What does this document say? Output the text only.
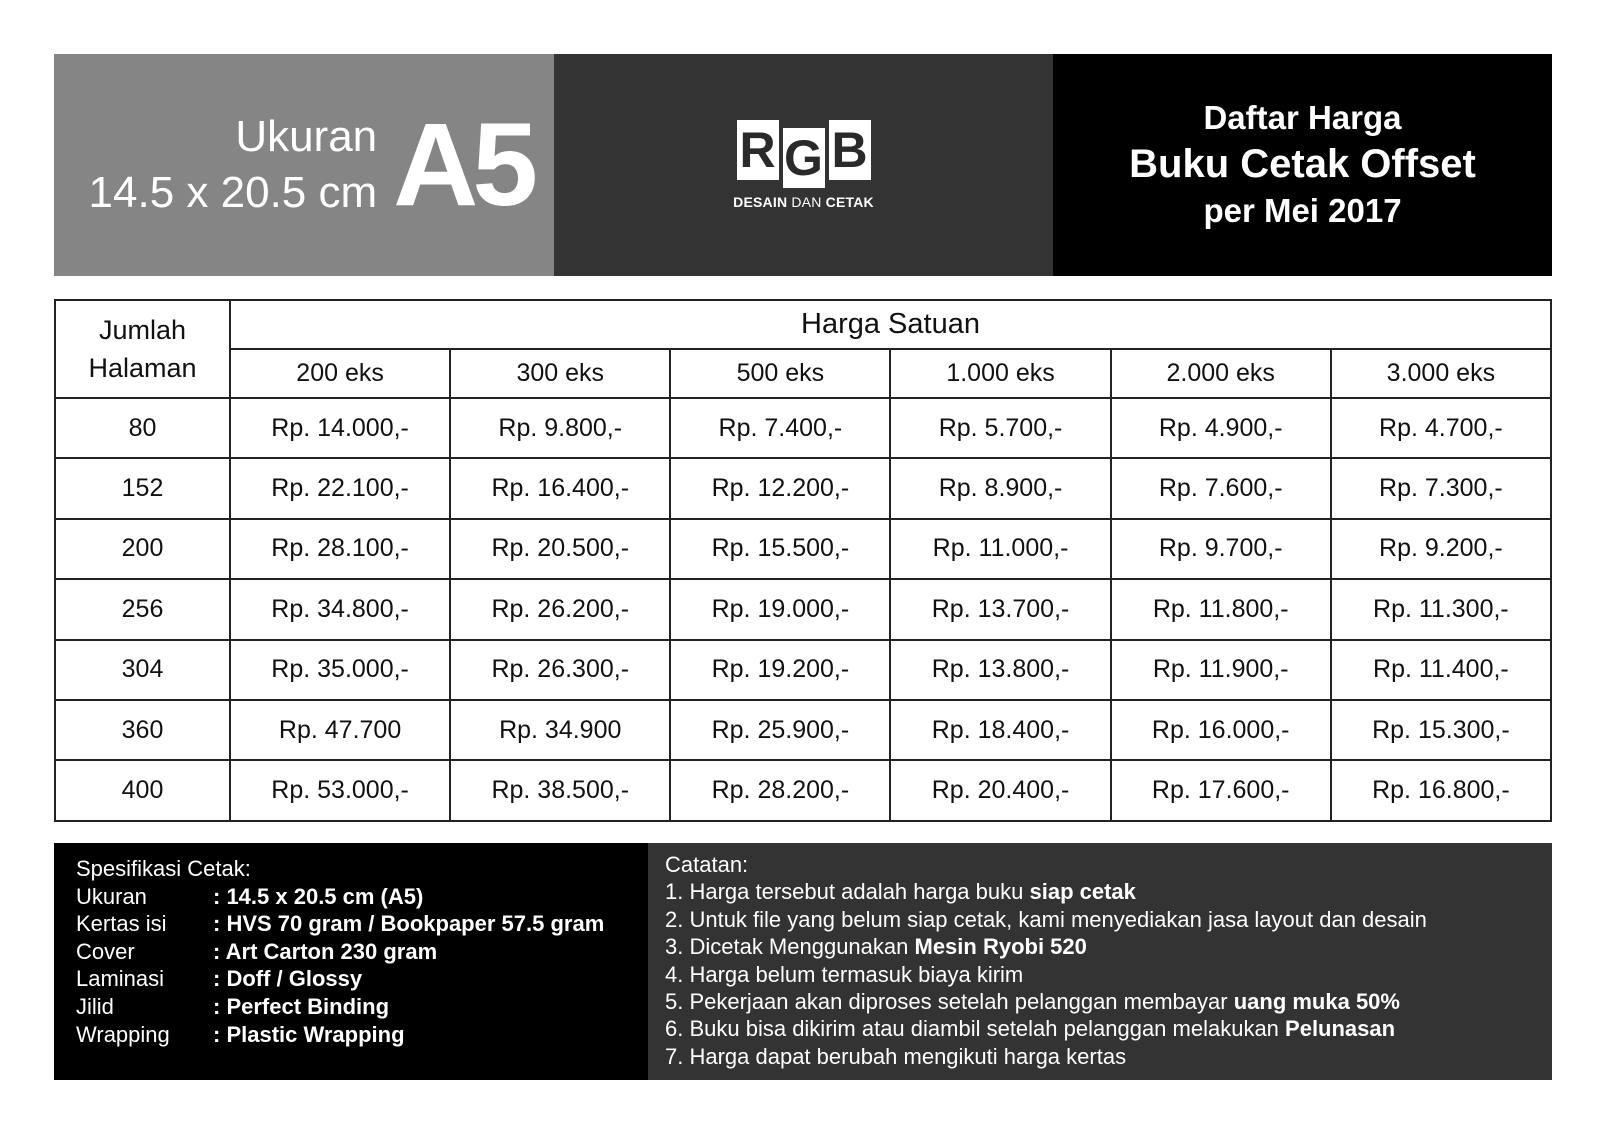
Ukuran
14.5 x 20.5 cm A5	R G B
DESAIN DAN CETAK
Daftar Harga
Buku Cetak Offset
per Mei 2017
Jumlah
Halaman	Harga Satuan					
	200 eks	300 eks	500 eks	1.000 eks	2.000 eks	3.000 eks
80	Rp. 14.000,-	Rp. 9.800,-	Rp. 7.400,-	Rp. 5.700,-	Rp. 4.900,-	Rp. 4.700,-
152	Rp. 22.100,-	Rp. 16.400,-	Rp. 12.200,-	Rp. 8.900,-	Rp. 7.600,-	Rp. 7.300,-
200	Rp. 28.100,-	Rp. 20.500,-	Rp. 15.500,-	Rp. 11.000,-	Rp. 9.700,-	Rp. 9.200,-
256	Rp. 34.800,-	Rp. 26.200,-	Rp. 19.000,-	Rp. 13.700,-	Rp. 11.800,-	Rp. 11.300,-
304	Rp. 35.000,-	Rp. 26.300,-	Rp. 19.200,-	Rp. 13.800,-	Rp. 11.900,-	Rp. 11.400,-
360	Rp. 47.700	Rp. 34.900	Rp. 25.900,-	Rp. 18.400,-	Rp. 16.000,-	Rp. 15.300,-
400	Rp. 53.000,-	Rp. 38.500,-	Rp. 28.200,-	Rp. 20.400,-	Rp. 17.600,-	Rp. 16.800,-
Spesifikasi Cetak:
Ukuran	: 14.5 x 20.5 cm (A5)
Kertas isi	: HVS 70 gram / Bookpaper 57.5 gram
Cover	: Art Carton 230 gram
Laminasi	: Doff / Glossy
Jilid	: Perfect Binding
Wrapping	: Plastic Wrapping
Catatan:
1. Harga tersebut adalah harga buku siap cetak
2. Untuk file yang belum siap cetak, kami menyediakan jasa layout dan desain
3. Dicetak Menggunakan Mesin Ryobi 520
4. Harga belum termasuk biaya kirim
5. Pekerjaan akan diproses setelah pelanggan membayar uang muka 50%
6. Buku bisa dikirim atau diambil setelah pelanggan melakukan Pelunasan
7. Harga dapat berubah mengikuti harga kertas
